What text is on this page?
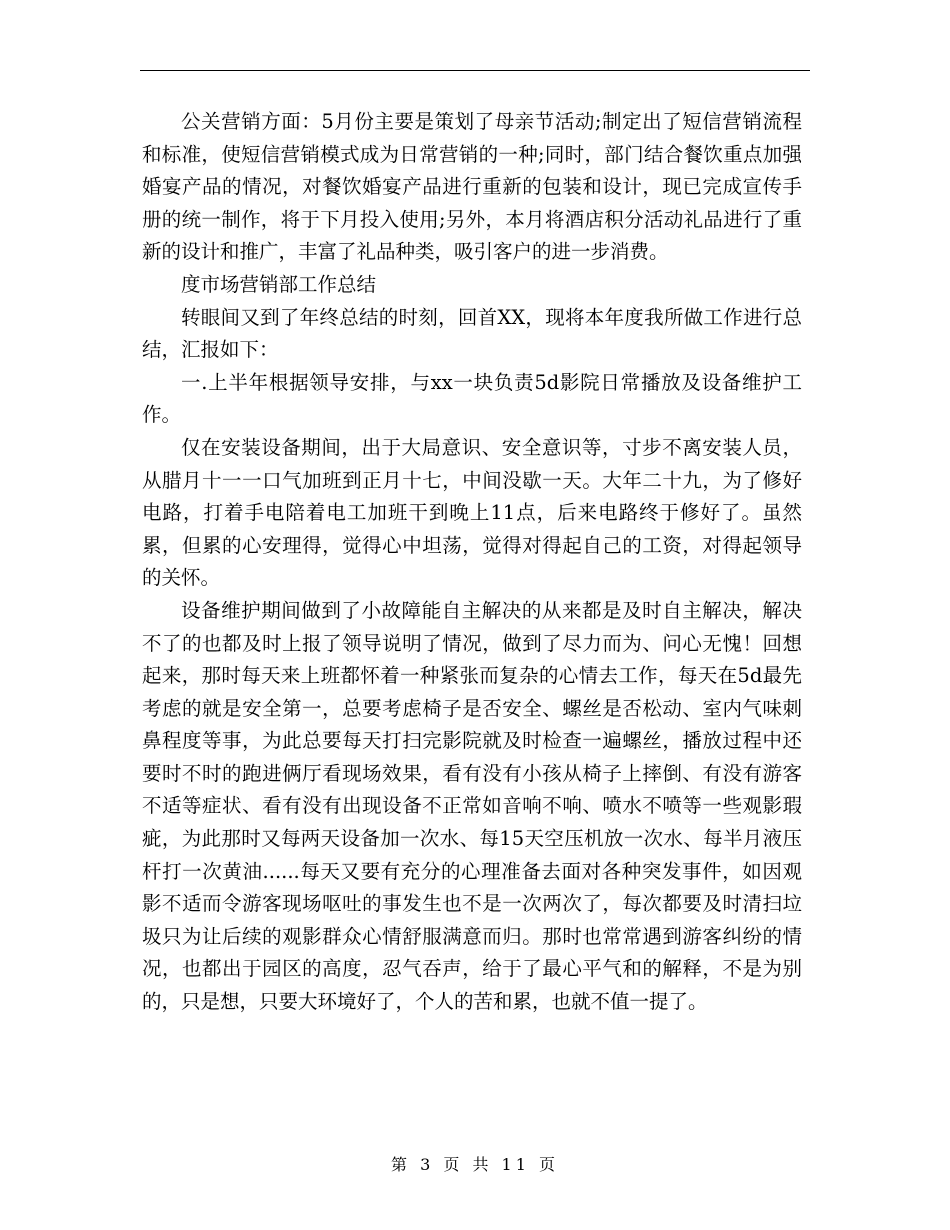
公关营销方面：5月份主要是策划了母亲节活动;制定出了短信营销流程和标准，使短信营销模式成为日常营销的一种;同时，部门结合餐饮重点加强婚宴产品的情况，对餐饮婚宴产品进行重新的包装和设计，现已完成宣传手册的统一制作，将于下月投入使用;另外，本月将酒店积分活动礼品进行了重新的设计和推广，丰富了礼品种类，吸引客户的进一步消费。

度市场营销部工作总结

转眼间又到了年终总结的时刻，回首XX，现将本年度我所做工作进行总结，汇报如下：

一.上半年根据领导安排，与xx一块负责5d影院日常播放及设备维护工作。

仅在安装设备期间，出于大局意识、安全意识等，寸步不离安装人员，从腊月十一一口气加班到正月十七，中间没歇一天。大年二十九，为了修好电路，打着手电陪着电工加班干到晚上11点，后来电路终于修好了。虽然累，但累的心安理得，觉得心中坦荡，觉得对得起自己的工资，对得起领导的关怀。

设备维护期间做到了小故障能自主解决的从来都是及时自主解决，解决不了的也都及时上报了领导说明了情况，做到了尽力而为、问心无愧！回想起来，那时每天来上班都怀着一种紧张而复杂的心情去工作，每天在5d最先考虑的就是安全第一，总要考虑椅子是否安全、螺丝是否松动、室内气味刺鼻程度等事，为此总要每天打扫完影院就及时检查一遍螺丝，播放过程中还要时不时的跑进俩厅看现场效果，看有没有小孩从椅子上摔倒、有没有游客不适等症状、看有没有出现设备不正常如音响不响、喷水不喷等一些观影瑕疵，为此那时又每两天设备加一次水、每15天空压机放一次水、每半月液压杆打一次黄油......每天又要有充分的心理准备去面对各种突发事件，如因观影不适而令游客现场呕吐的事发生也不是一次两次了，每次都要及时清扫垃圾只为让后续的观影群众心情舒服满意而归。那时也常常遇到游客纠纷的情况，也都出于园区的高度，忍气吞声，给于了最心平气和的解释，不是为别的，只是想，只要大环境好了，个人的苦和累，也就不值一提了。

第 3 页 共 11 页
